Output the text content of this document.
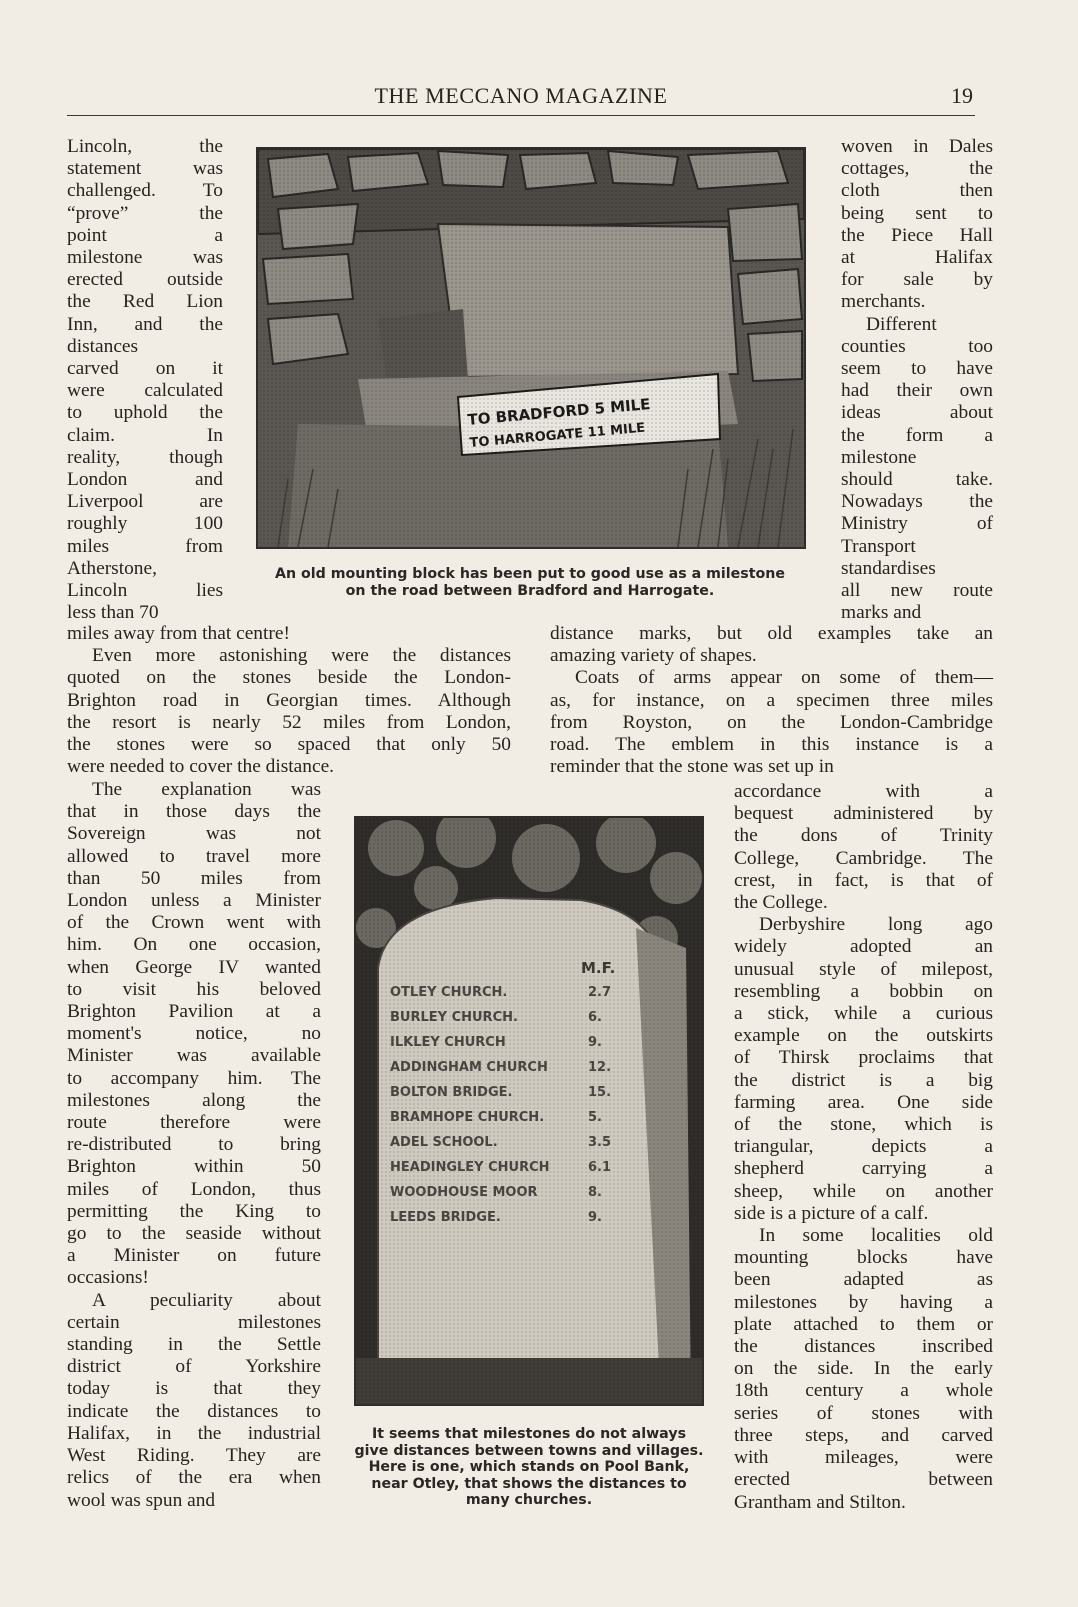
THE MECCANO MAGAZINE	19
Lincoln, the
statement was
challenged. To
“prove” the
point a
milestone was
erected outside
the Red Lion
Inn, and the
distances
carved on it
were calculated
to uphold the
claim. In
reality, though
London and
Liverpool are
roughly 100
miles from
Atherstone,
Lincoln lies
less than 70
An old mounting block has been put to good use as a milestone
on the road between Bradford and Harrogate.
woven in Dales
cottages, the
cloth then
being sent to
the Piece Hall
at Halifax
for sale by
merchants.
Different
counties too
seem to have
had their own
ideas about
the form a
milestone
should take.
Nowadays the
Ministry of
Transport
standardises
all new route
marks and
miles away from that centre!
Even more astonishing were the distances
quoted on the stones beside the London-
Brighton road in Georgian times. Although
the resort is nearly 52 miles from London,
the stones were so spaced that only 50
were needed to cover the distance.
distance marks, but old examples take an
amazing variety of shapes.
Coats of arms appear on some of them—
as, for instance, on a specimen three miles
from Royston, on the London-Cambridge
road. The emblem in this instance is a
reminder that the stone was set up in
The explanation was
that in those days the
Sovereign was not
allowed to travel more
than 50 miles from
London unless a Minister
of the Crown went with
him. On one occasion,
when George IV wanted
to visit his beloved
Brighton Pavilion at a
moment's notice, no
Minister was available
to accompany him. The
milestones along the
route therefore were
re-distributed to bring
Brighton within 50
miles of London, thus
permitting the King to
go to the seaside without
a Minister on future
occasions!
A peculiarity about
certain milestones
standing in the Settle
district of Yorkshire
today is that they
indicate the distances to
Halifax, in the industrial
West Riding. They are
relics of the era when
wool was spun and
It seems that milestones do not always
give distances between towns and villages.
Here is one, which stands on Pool Bank,
near Otley, that shows the distances to
many churches.
accordance with a
bequest administered by
the dons of Trinity
College, Cambridge. The
crest, in fact, is that of
the College.
Derbyshire long ago
widely adopted an
unusual style of milepost,
resembling a bobbin on
a stick, while a curious
example on the outskirts
of Thirsk proclaims that
the district is a big
farming area. One side
of the stone, which is
triangular, depicts a
shepherd carrying a
sheep, while on another
side is a picture of a calf.
In some localities old
mounting blocks have
been adapted as
milestones by having a
plate attached to them or
the distances inscribed
on the side. In the early
18th century a whole
series of stones with
three steps, and carved
with mileages, were
erected between
Grantham and Stilton.
